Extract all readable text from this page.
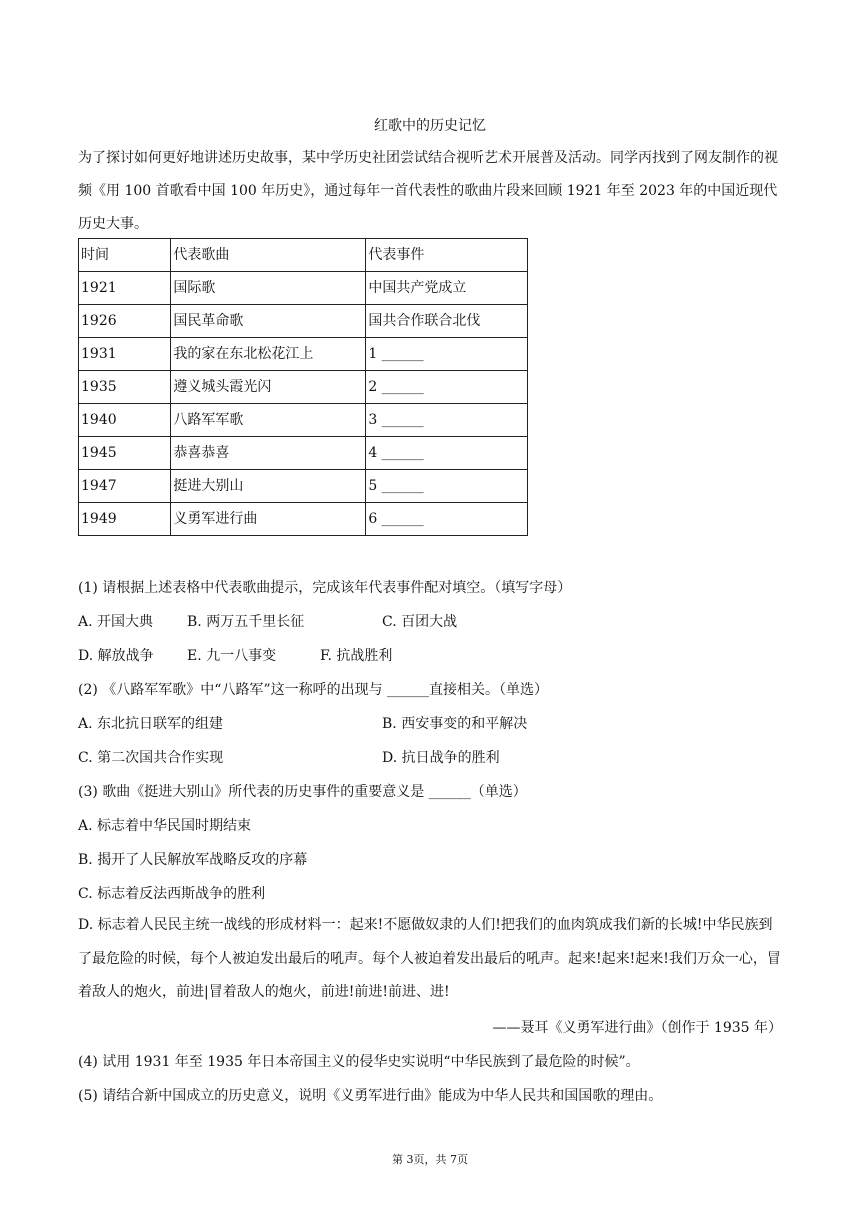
红歌中的历史记忆
为了探讨如何更好地讲述历史故事，某中学历史社团尝试结合视听艺术开展普及活动。同学丙找到了网友制作的视频《用 100 首歌看中国 100 年历史》，通过每年一首代表性的歌曲片段来回顾 1921 年至 2023 年的中国近现代历史大事。
时间	代表歌曲	代表事件
1921	国际歌	中国共产党成立
1926	国民革命歌	国共合作联合北伐
1931	我的家在东北松花江上	1 ______
1935	遵义城头霞光闪	2 ______
1940	八路军军歌	3 ______
1945	恭喜恭喜	4 ______
1947	挺进大别山	5 ______
1949	义勇军进行曲	6 ______
(1) 请根据上述表格中代表歌曲提示，完成该年代表事件配对填空。（填写字母）
A. 开国大典 B. 两万五千里长征	C. 百团大战
D. 解放战争 E. 九一八事变	F. 抗战胜利
(2) 《八路军军歌》中“八路军”这一称呼的出现与 ______直接相关。（单选）
A. 东北抗日联军的组建	B. 西安事变的和平解决
C. 第二次国共合作实现	D. 抗日战争的胜利
(3) 歌曲《挺进大别山》所代表的历史事件的重要意义是 ______（单选）
A. 标志着中华民国时期结束
B. 揭开了人民解放军战略反攻的序幕
C. 标志着反法西斯战争的胜利
D. 标志着人民民主统一战线的形成材料一：起来!不愿做奴隶的人们!把我们的血肉筑成我们新的长城!中华民族到了最危险的时候，每个人被迫发出最后的吼声。每个人被迫着发出最后的吼声。起来!起来!起来!我们万众一心，冒着敌人的炮火，前进|冒着敌人的炮火，前进!前进!前进、进!
——聂耳《义勇军进行曲》（创作于 1935 年）
(4) 试用 1931 年至 1935 年日本帝国主义的侵华史实说明“中华民族到了最危险的时候”。
(5) 请结合新中国成立的历史意义，说明《义勇军进行曲》能成为中华人民共和国国歌的理由。
第 3页，共 7页
